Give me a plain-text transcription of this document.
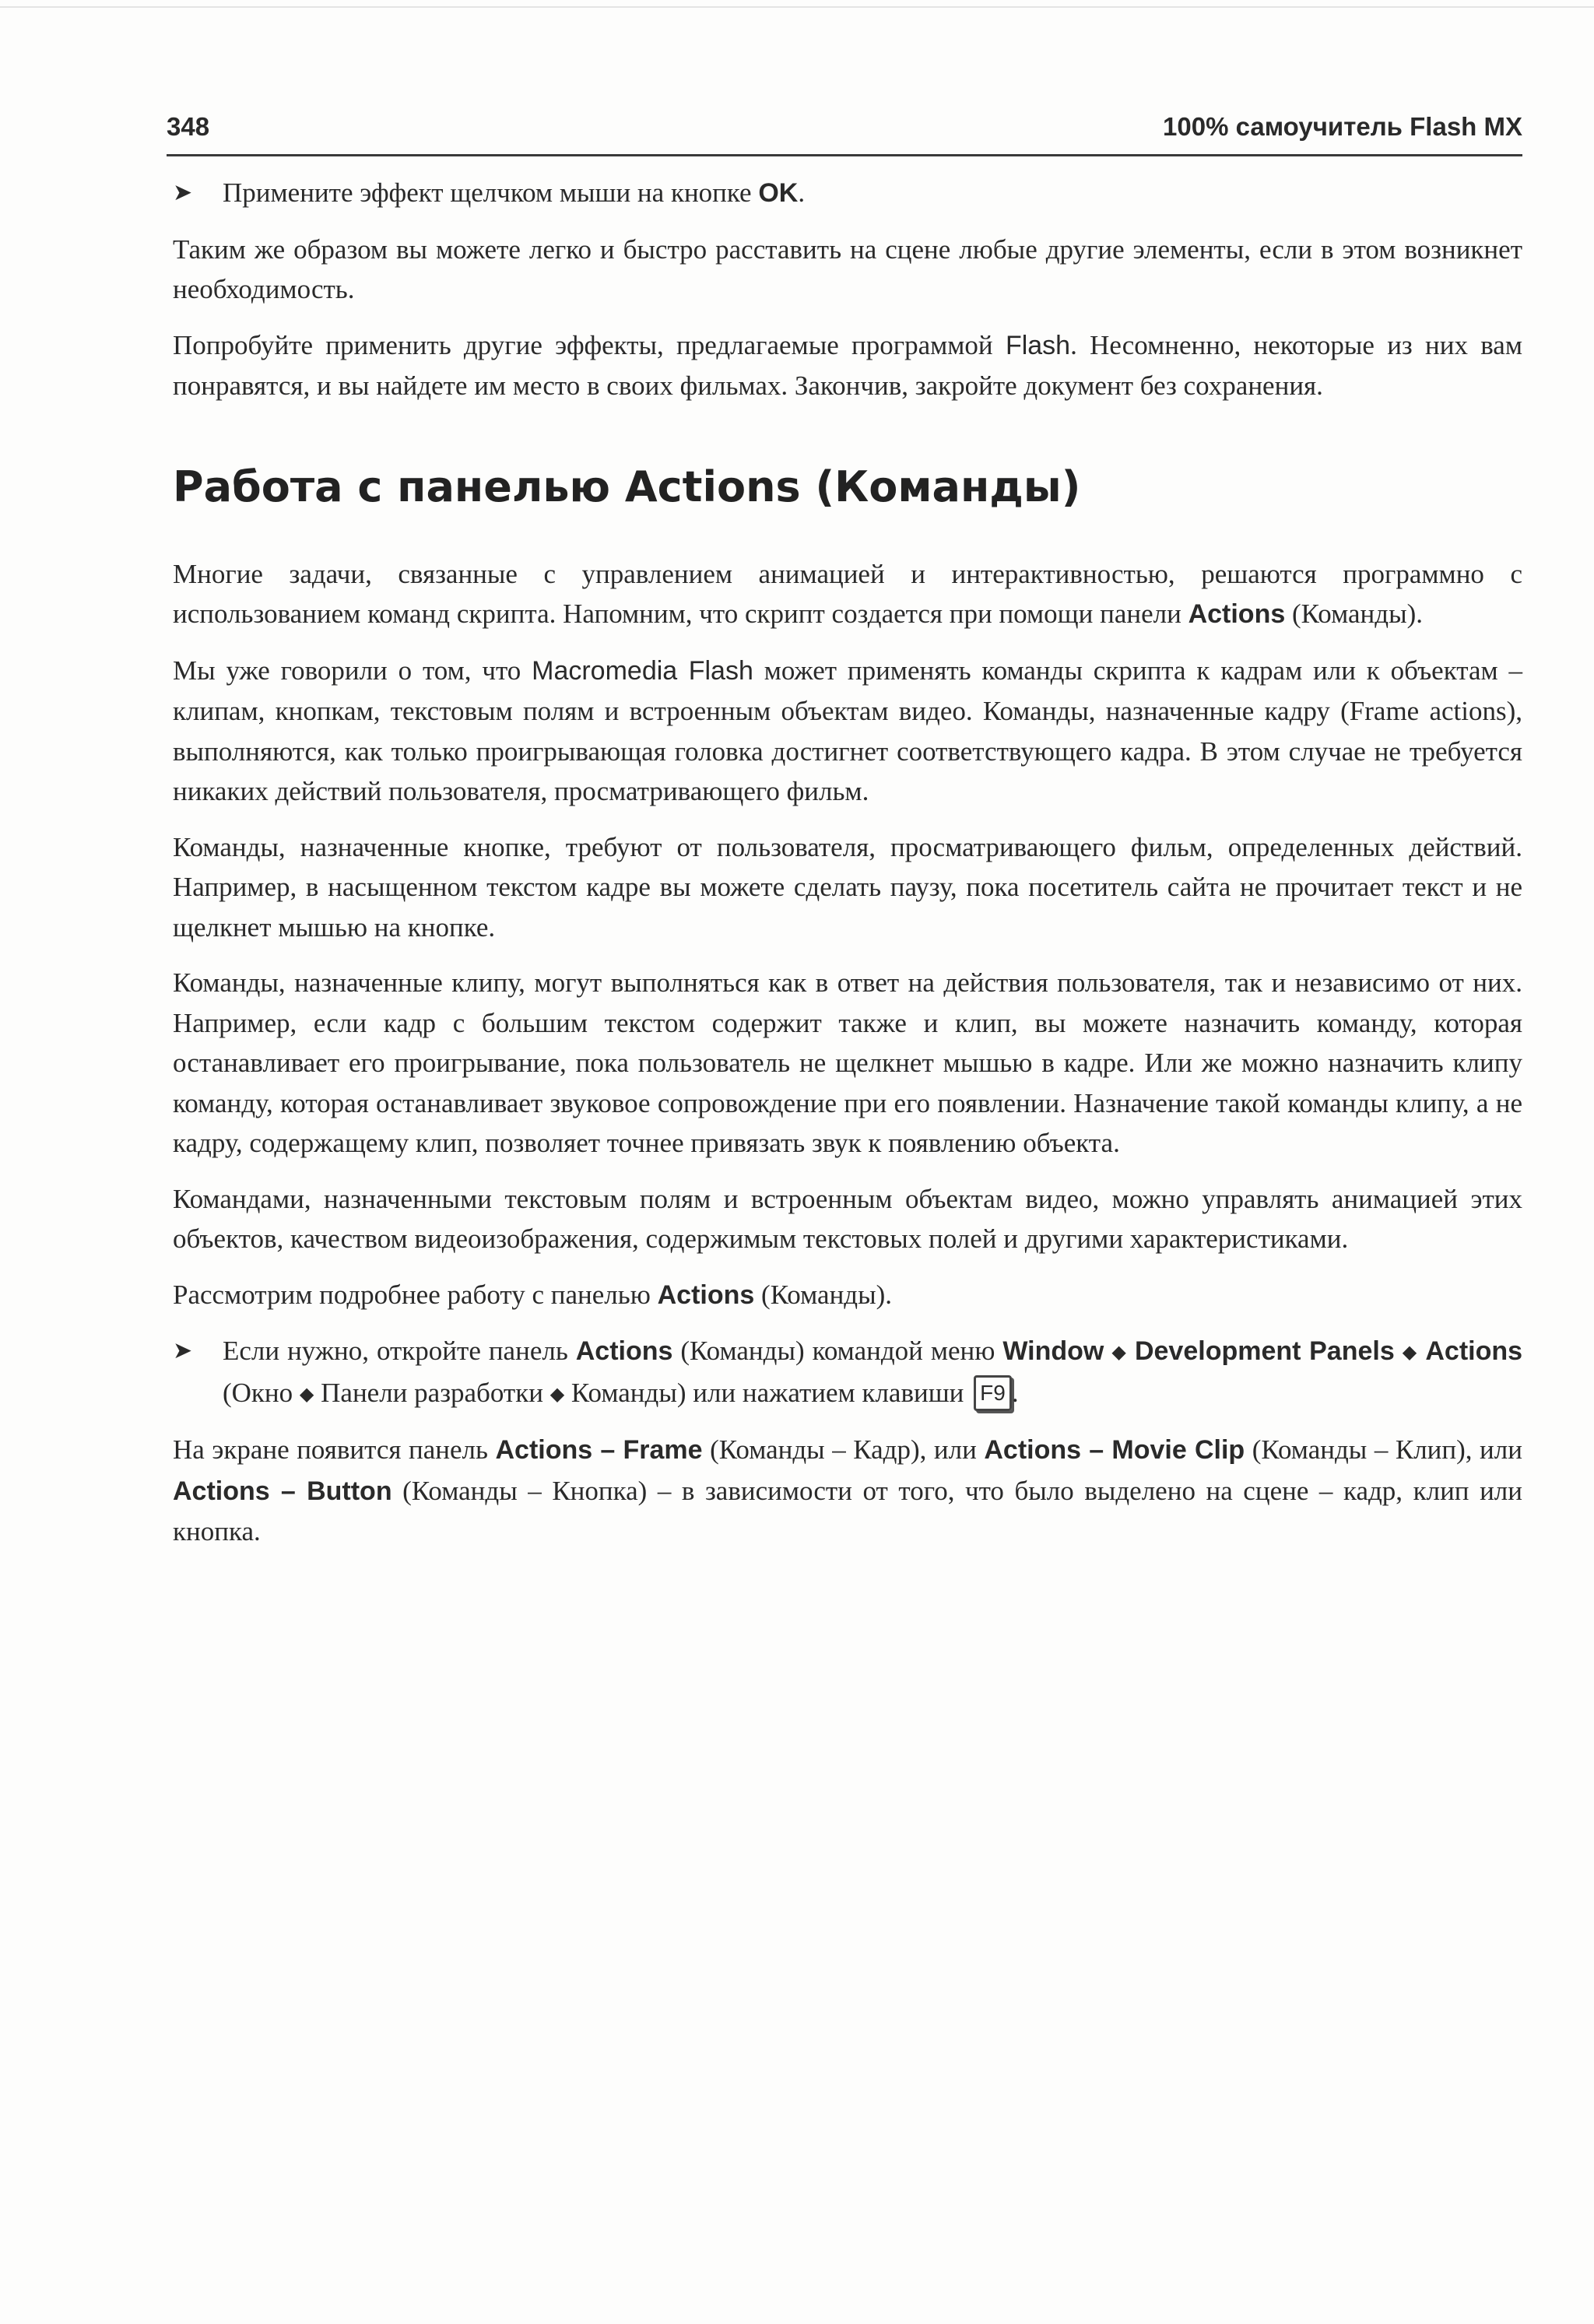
348	100% самоучитель Flash MX
➤ Примените эффект щелчком мыши на кнопке OK.

Таким же образом вы можете легко и быстро расставить на сцене любые другие элементы, если в этом возникнет необходимость.

Попробуйте применить другие эффекты, предлагаемые программой Flash. Несомненно, некоторые из них вам понравятся, и вы найдете им место в своих фильмах. Закончив, закройте документ без сохранения.

Работа с панелью Actions (Команды)

Многие задачи, связанные с управлением анимацией и интерактивностью, решаются программно с использованием команд скрипта. Напомним, что скрипт создается при помощи панели Actions (Команды).

Мы уже говорили о том, что Macromedia Flash может применять команды скрипта к кадрам или к объектам – клипам, кнопкам, текстовым полям и встроенным объектам видео. Команды, назначенные кадру (Frame actions), выполняются, как только проигрывающая головка достигнет соответствующего кадра. В этом случае не требуется никаких действий пользователя, просматривающего фильм.

Команды, назначенные кнопке, требуют от пользователя, просматривающего фильм, определенных действий. Например, в насыщенном текстом кадре вы можете сделать паузу, пока посетитель сайта не прочитает текст и не щелкнет мышью на кнопке.

Команды, назначенные клипу, могут выполняться как в ответ на действия пользователя, так и независимо от них. Например, если кадр с большим текстом содержит также и клип, вы можете назначить команду, которая останавливает его проигрывание, пока пользователь не щелкнет мышью в кадре. Или же можно назначить клипу команду, которая останавливает звуковое сопровождение при его появлении. Назначение такой команды клипу, а не кадру, содержащему клип, позволяет точнее привязать звук к появлению объекта.

Командами, назначенными текстовым полям и встроенным объектам видео, можно управлять анимацией этих объектов, качеством видеоизображения, содержимым текстовых полей и другими характеристиками.

Рассмотрим подробнее работу с панелью Actions (Команды).

➤ Если нужно, откройте панель Actions (Команды) командой меню Window ◆ Development Panels ◆ Actions (Окно ◆ Панели разработки ◆ Команды) или нажатием клавиши F9 .

На экране появится панель Actions – Frame (Команды – Кадр), или Actions – Movie Clip (Команды – Клип), или Actions – Button (Команды – Кнопка) – в зависимости от того, что было выделено на сцене – кадр, клип или кнопка.
